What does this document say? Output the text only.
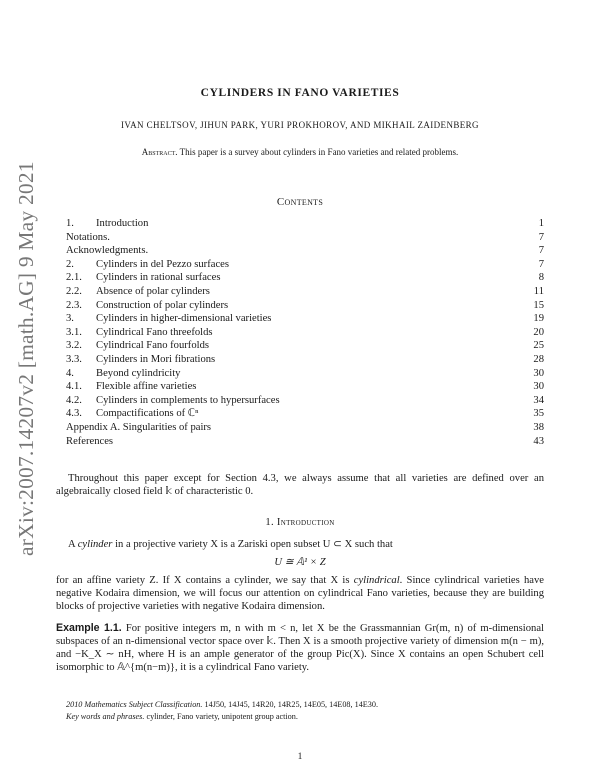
arXiv:2007.14207v2 [math.AG] 9 May 2021
CYLINDERS IN FANO VARIETIES
IVAN CHELTSOV, JIHUN PARK, YURI PROKHOROV, AND MIKHAIL ZAIDENBERG
Abstract. This paper is a survey about cylinders in Fano varieties and related problems.
Contents
1. Introduction	1
Notations.	7
Acknowledgments.	7
2. Cylinders in del Pezzo surfaces	7
2.1. Cylinders in rational surfaces	8
2.2. Absence of polar cylinders	11
2.3. Construction of polar cylinders	15
3. Cylinders in higher-dimensional varieties	19
3.1. Cylindrical Fano threefolds	20
3.2. Cylindrical Fano fourfolds	25
3.3. Cylinders in Mori fibrations	28
4. Beyond cylindricity	30
4.1. Flexible affine varieties	30
4.2. Cylinders in complements to hypersurfaces	34
4.3. Compactifications of ℂⁿ	35
Appendix A. Singularities of pairs	38
References	43

Throughout this paper except for Section 4.3, we always assume that all varieties are defined over an algebraically closed field 𝕜 of characteristic 0.

1. Introduction

A cylinder in a projective variety X is a Zariski open subset U ⊂ X such that

U ≅ 𝔸¹ × Z

for an affine variety Z. If X contains a cylinder, we say that X is cylindrical. Since cylindrical varieties have negative Kodaira dimension, we will focus our attention on cylindrical Fano varieties, because they are building blocks of projective varieties with negative Kodaira dimension.

Example 1.1. For positive integers m, n with m < n, let X be the Grassmannian Gr(m, n) of m-dimensional subspaces of an n-dimensional vector space over 𝕜. Then X is a smooth projective variety of dimension m(n − m), and −K_X ∼ nH, where H is an ample generator of the group Pic(X). Since X contains an open Schubert cell isomorphic to 𝔸^{m(n−m)}, it is a cylindrical Fano variety.

2010 Mathematics Subject Classification. 14J50, 14J45, 14R20, 14R25, 14E05, 14E08, 14E30.
Key words and phrases. cylinder, Fano variety, unipotent group action.
1
